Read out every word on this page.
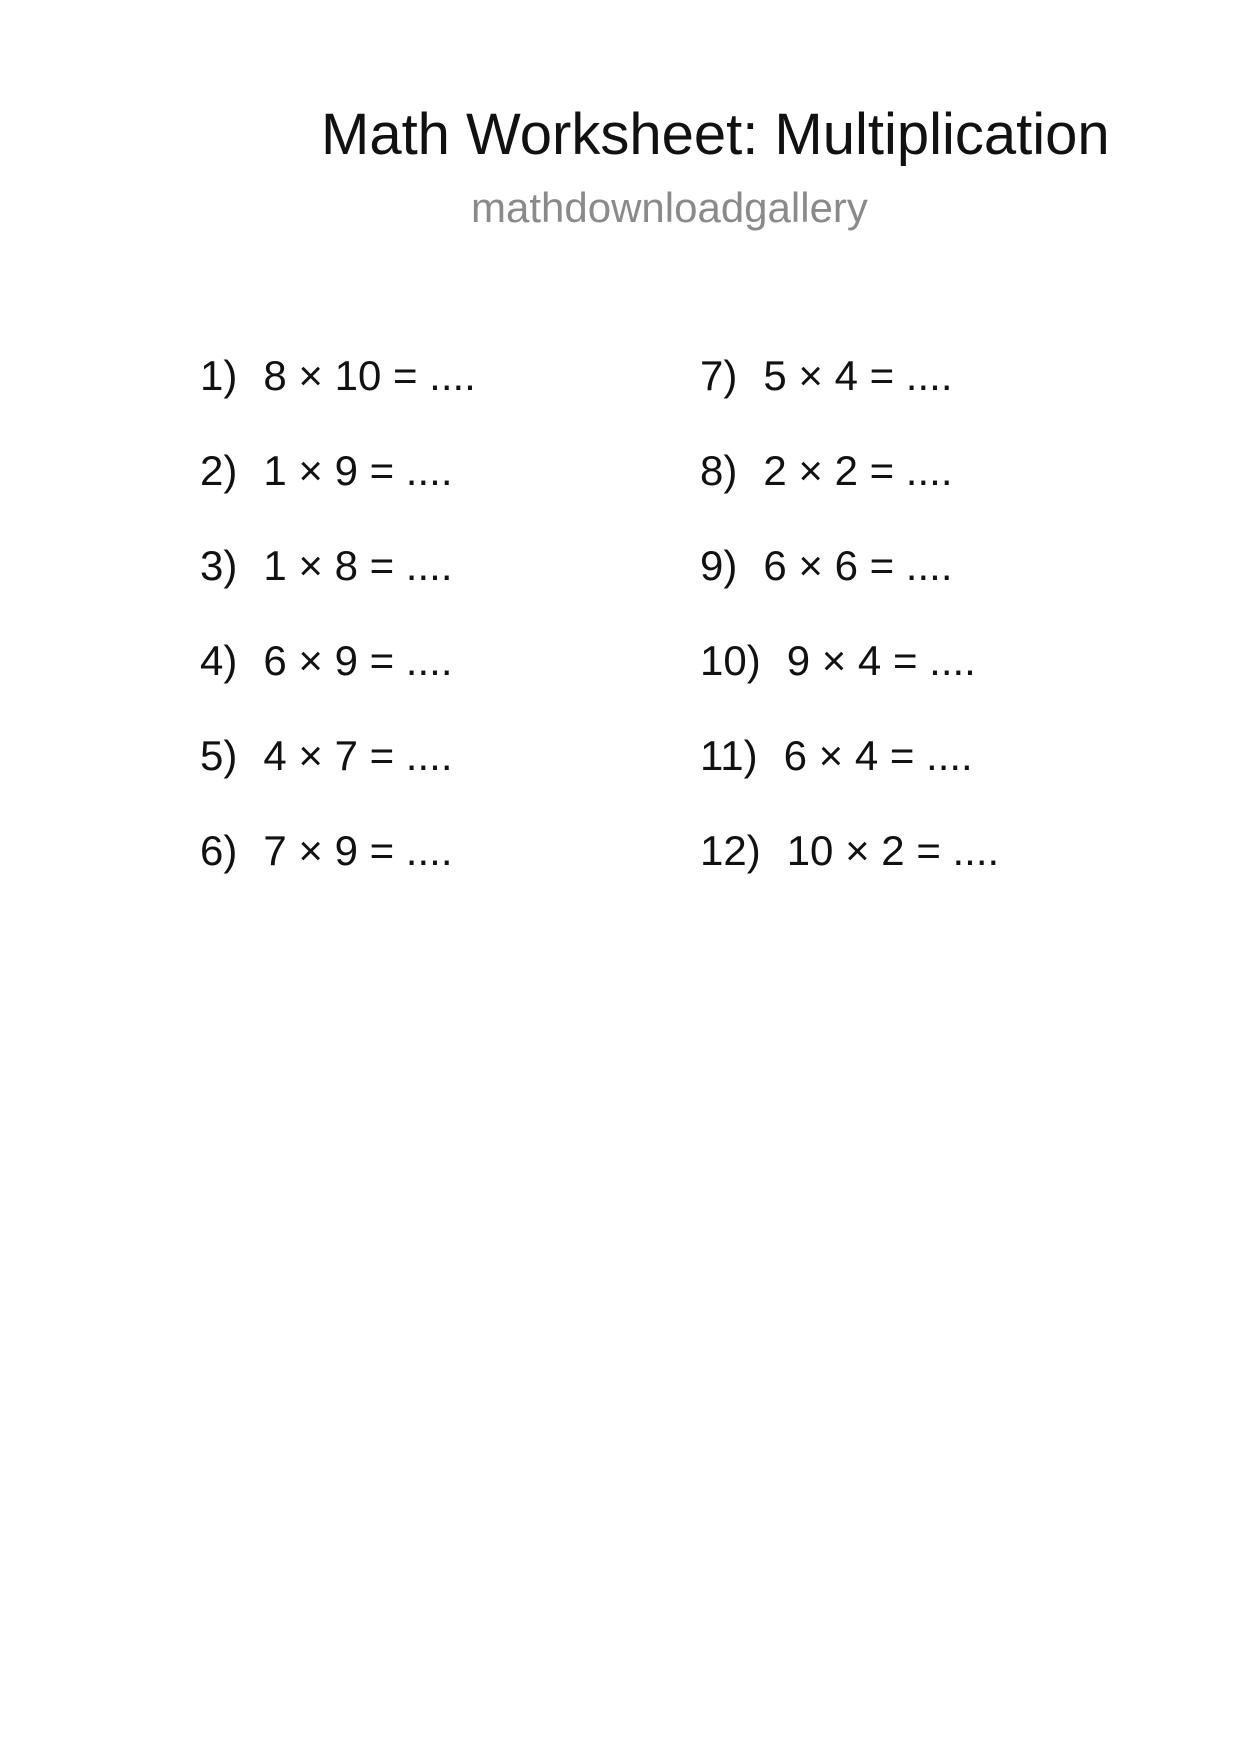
Math Worksheet: Multiplication
mathdownloadgallery
1) 8 × 10 = ....
2) 1 × 9 = ....
3) 1 × 8 = ....
4) 6 × 9 = ....
5) 4 × 7 = ....
6) 7 × 9 = ....
7) 5 × 4 = ....
8) 2 × 2 = ....
9) 6 × 6 = ....
10) 9 × 4 = ....
11) 6 × 4 = ....
12) 10 × 2 = ....
